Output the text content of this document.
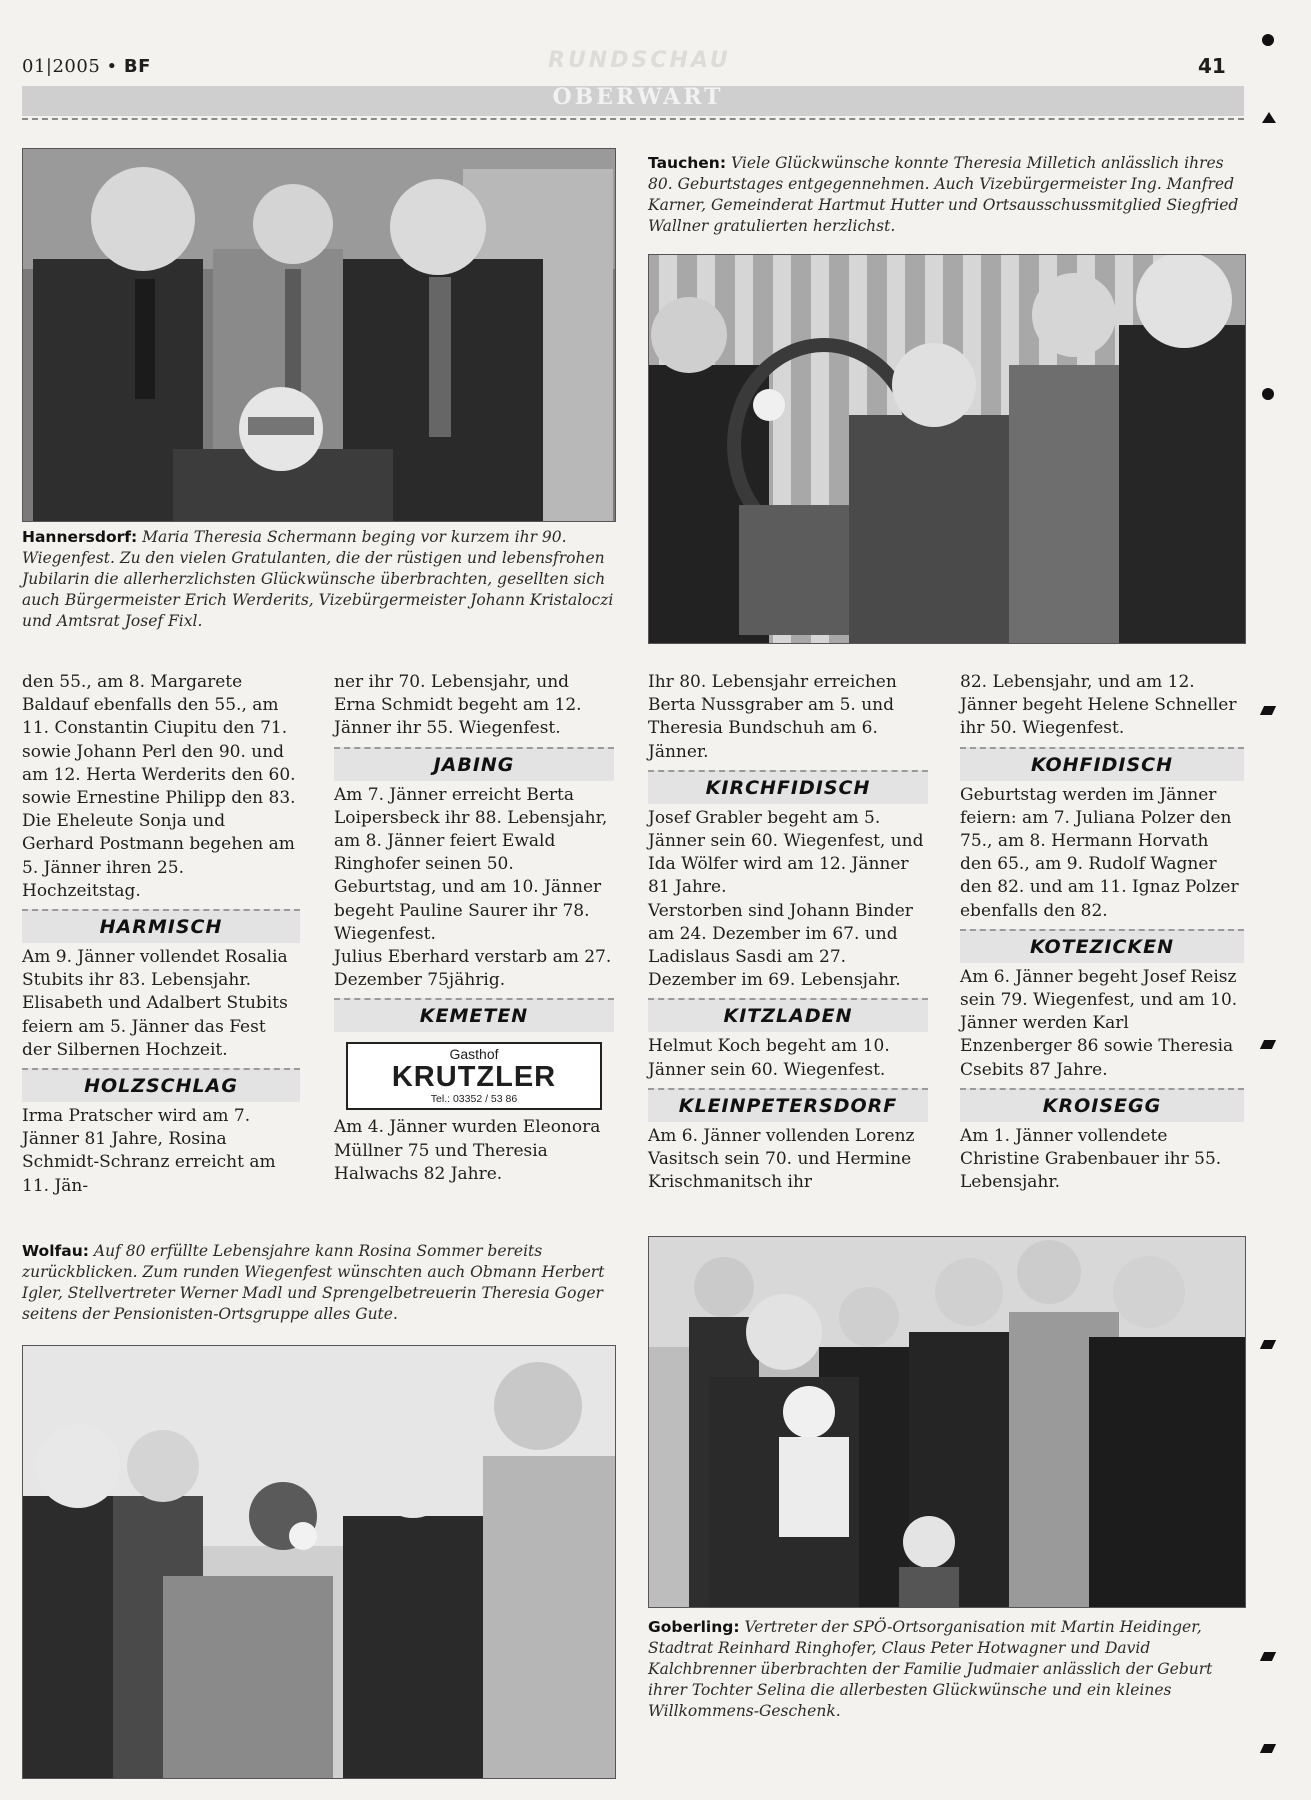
01|2005 • BF	RUNDSCHAU
OBERWART
41
Hannersdorf: Maria Theresia Schermann beging vor kurzem ihr 90. Wiegenfest. Zu den vielen Gratulanten, die der rüstigen und lebensfrohen Jubilarin die allerherzlichsten Glückwünsche überbrachten, gesellten sich auch Bürgermeister Erich Werderits, Vizebürgermeister Johann Kristaloczi und Amtsrat Josef Fixl.
Tauchen: Viele Glückwünsche konnte Theresia Milletich anlässlich ihres 80. Geburtstages entgegennehmen. Auch Vizebürgermeister Ing. Manfred Karner, Gemeinderat Hartmut Hutter und Ortsausschussmitglied Siegfried Wallner gratulierten herzlichst.

den 55., am 8. Margarete Baldauf ebenfalls den 55., am 11. Constantin Ciupitu den 71. sowie Johann Perl den 90. und am 12. Herta Werderits den 60. sowie Ernestine Philipp den 83.

Die Eheleute Sonja und Gerhard Postmann begehen am 5. Jänner ihren 25. Hochzeitstag.

HARMISCH

Am 9. Jänner vollendet Rosalia Stubits ihr 83. Lebensjahr. Elisabeth und Adalbert Stubits feiern am 5. Jänner das Fest der Silbernen Hochzeit.

HOLZSCHLAG

Irma Pratscher wird am 7. Jänner 81 Jahre, Rosina Schmidt-Schranz erreicht am 11. Jän-

ner ihr 70. Lebensjahr, und Erna Schmidt begeht am 12. Jänner ihr 55. Wiegenfest.

JABING

Am 7. Jänner erreicht Berta Loipersbeck ihr 88. Lebensjahr, am 8. Jänner feiert Ewald Ringhofer seinen 50. Geburtstag, und am 10. Jänner begeht Pauline Saurer ihr 78. Wiegenfest.

Julius Eberhard verstarb am 27. Dezember 75jährig.

KEMETEN
Gasthof
KRUTZLER
Tel.: 03352 / 53 86

Am 4. Jänner wurden Eleonora Müllner 75 und Theresia Halwachs 82 Jahre.

Ihr 80. Lebensjahr erreichen Berta Nussgraber am 5. und Theresia Bundschuh am 6. Jänner.

KIRCHFIDISCH

Josef Grabler begeht am 5. Jänner sein 60. Wiegenfest, und Ida Wölfer wird am 12. Jänner 81 Jahre.

Verstorben sind Johann Binder am 24. Dezember im 67. und Ladislaus Sasdi am 27. Dezember im 69. Lebensjahr.

KITZLADEN

Helmut Koch begeht am 10. Jänner sein 60. Wiegenfest.

KLEINPETERSDORF

Am 6. Jänner vollenden Lorenz Vasitsch sein 70. und Hermine Krischmanitsch ihr

82. Lebensjahr, und am 12. Jänner begeht Helene Schneller ihr 50. Wiegenfest.

KOHFIDISCH

Geburtstag werden im Jänner feiern: am 7. Juliana Polzer den 75., am 8. Hermann Horvath den 65., am 9. Rudolf Wagner den 82. und am 11. Ignaz Polzer ebenfalls den 82.

KOTEZICKEN

Am 6. Jänner begeht Josef Reisz sein 79. Wiegenfest, und am 10. Jänner werden Karl Enzenberger 86 sowie Theresia Csebits 87 Jahre.

KROISEGG

Am 1. Jänner vollendete Christine Grabenbauer ihr 55. Lebensjahr.

Wolfau: Auf 80 erfüllte Lebensjahre kann Rosina Sommer bereits zurückblicken. Zum runden Wiegenfest wünschten auch Obmann Herbert Igler, Stellvertreter Werner Madl und Sprengelbetreuerin Theresia Goger seitens der Pensionisten-Ortsgruppe alles Gute.
Goberling: Vertreter der SPÖ-Ortsorganisation mit Martin Heidinger, Stadtrat Reinhard Ringhofer, Claus Peter Hotwagner und David Kalchbrenner überbrachten der Familie Judmaier anlässlich der Geburt ihrer Tochter Selina die allerbesten Glückwünsche und ein kleines Willkommens-Geschenk.
